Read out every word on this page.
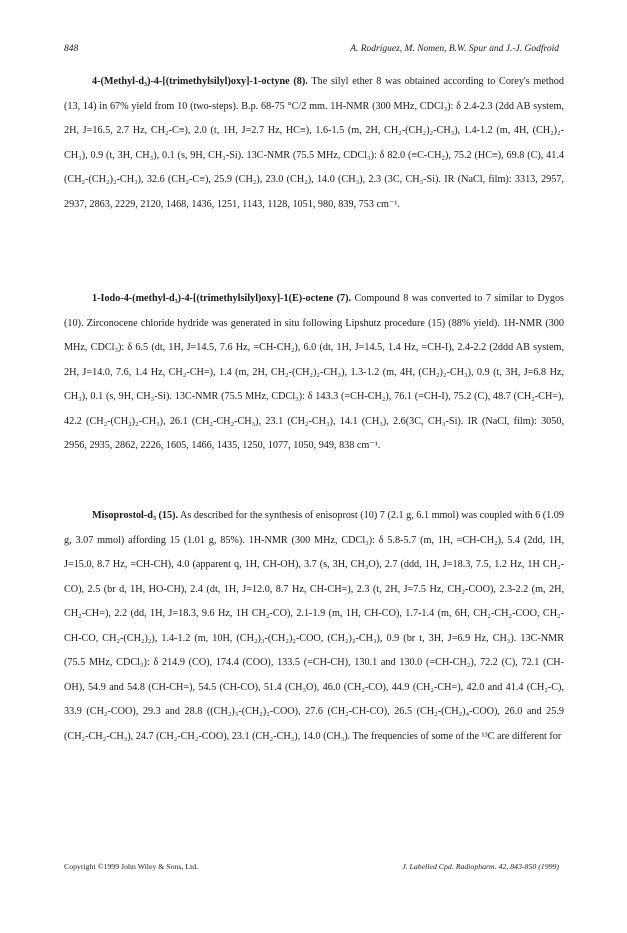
848	A. Rodríguez, M. Nomen, B.W. Spur and J.-J. Godfroid

4-(Methyl-d₃)-4-[(trimethylsilyl)oxy]-1-octyne (8). The silyl ether 8 was obtained according to Corey's method (13, 14) in 67% yield from 10 (two-steps). B.p. 68-75 °C/2 mm. 1H-NMR (300 MHz, CDCl₃): δ 2.4-2.3 (2dd AB system, 2H, J=16.5, 2.7 Hz, CH₂-C≡), 2.0 (t, 1H, J=2.7 Hz, HC≡), 1.6-1.5 (m, 2H, CH₂-(CH₂)₂-CH₃), 1.4-1.2 (m, 4H, (CH₂)₂-CH₃), 0.9 (t, 3H, CH₃), 0.1 (s, 9H, CH₃-Si). 13C-NMR (75.5 MHz, CDCl₃): δ 82.0 (≡C-CH₂), 75.2 (HC≡), 69.8 (C), 41.4 (CH₂-(CH₂)₂-CH₃), 32.6 (CH₂-C≡), 25.9 (CH₂), 23.0 (CH₂), 14.0 (CH₃), 2.3 (3C, CH₃-Si). IR (NaCl, film): 3313, 2957, 2937, 2863, 2229, 2120, 1468, 1436, 1251, 1143, 1128, 1051, 980, 839, 753 cm⁻¹.

1-Iodo-4-(methyl-d₃)-4-[(trimethylsilyl)oxy]-1(E)-octene (7). Compound 8 was converted to 7 similar to Dygos (10). Zirconocene chloride hydride was generated in situ following Lipshutz procedure (15) (88% yield). 1H-NMR (300 MHz, CDCl₃): δ 6.5 (dt, 1H, J=14.5, 7.6 Hz, =CH-CH₂), 6.0 (dt, 1H, J=14.5, 1.4 Hz, =CH-I), 2.4-2.2 (2ddd AB system, 2H, J=14.0, 7.6, 1.4 Hz, CH₂-CH=), 1.4 (m, 2H, CH₂-(CH₂)₂-CH₃), 1.3-1.2 (m, 4H, (CH₂)₂-CH₃), 0.9 (t, 3H, J=6.8 Hz, CH₃), 0.1 (s, 9H, CH₃-Si). 13C-NMR (75.5 MHz, CDCl₃): δ 143.3 (=CH-CH₂), 76.1 (=CH-I), 75.2 (C), 48.7 (CH₂-CH=), 42.2 (CH₂-(CH₂)₂-CH₃), 26.1 (CH₂-CH₂-CH₃), 23.1 (CH₂-CH₃), 14.1 (CH₃), 2.6(3C, CH₃-Si). IR (NaCl, film): 3050, 2956, 2935, 2862, 2226, 1605, 1466, 1435, 1250, 1077, 1050, 949, 838 cm⁻¹.

Misoprostol-d₃ (15). As described for the synthesis of enisoprost (10) 7 (2.1 g, 6.1 mmol) was coupled with 6 (1.09 g, 3.07 mmol) affording 15 (1.01 g, 85%). 1H-NMR (300 MHz, CDCl₃): δ 5.8-5.7 (m, 1H, =CH-CH₂), 5.4 (2dd, 1H, J=15.0, 8.7 Hz, =CH-CH), 4.0 (apparent q, 1H, CH-OH), 3.7 (s, 3H, CH₃O), 2.7 (ddd, 1H, J=18.3, 7.5, 1.2 Hz, 1H CH₂-CO), 2.5 (br d, 1H, HO-CH), 2.4 (dt, 1H, J=12.0, 8.7 Hz, CH-CH=), 2.3 (t, 2H, J=7.5 Hz, CH₂-COO), 2.3-2.2 (m, 2H, CH₂-CH=), 2.2 (dd, 1H, J=18.3, 9.6 Hz, 1H CH₂-CO), 2.1-1.9 (m, 1H, CH-CO), 1.7-1.4 (m, 6H, CH₂-CH₂-COO, CH₂-CH-CO, CH₂-(CH₂)₂), 1.4-1.2 (m, 10H, (CH₂)₃-(CH₂)₂-COO, (CH₂)₂-CH₃), 0.9 (br t, 3H, J=6.9 Hz, CH₃). 13C-NMR (75.5 MHz, CDCl₃): δ 214.9 (CO), 174.4 (COO), 133.5 (=CH-CH), 130.1 and 130.0 (=CH-CH₂), 72.2 (C), 72.1 (CH-OH), 54.9 and 54.8 (CH-CH=), 54.5 (CH-CO), 51.4 (CH₃O), 46.0 (CH₂-CO), 44.9 (CH₂-CH=), 42.0 and 41.4 (CH₂-C), 33.9 (CH₂-COO), 29.3 and 28.8 ((CH₂)₃-(CH₂)₂-COO), 27.6 (CH₂-CH-CO), 26.5 (CH₂-(CH₂)₄-COO), 26.0 and 25.9 (CH₂-CH₂-CH₃), 24.7 (CH₂-CH₂-COO), 23.1 (CH₂-CH₃), 14.0 (CH₃). The frequencies of some of the ¹³C are different for

Copyright ©1999 John Wiley & Sons, Ltd.	J. Labelled Cpd. Radiopharm. 42, 843-850 (1999)
